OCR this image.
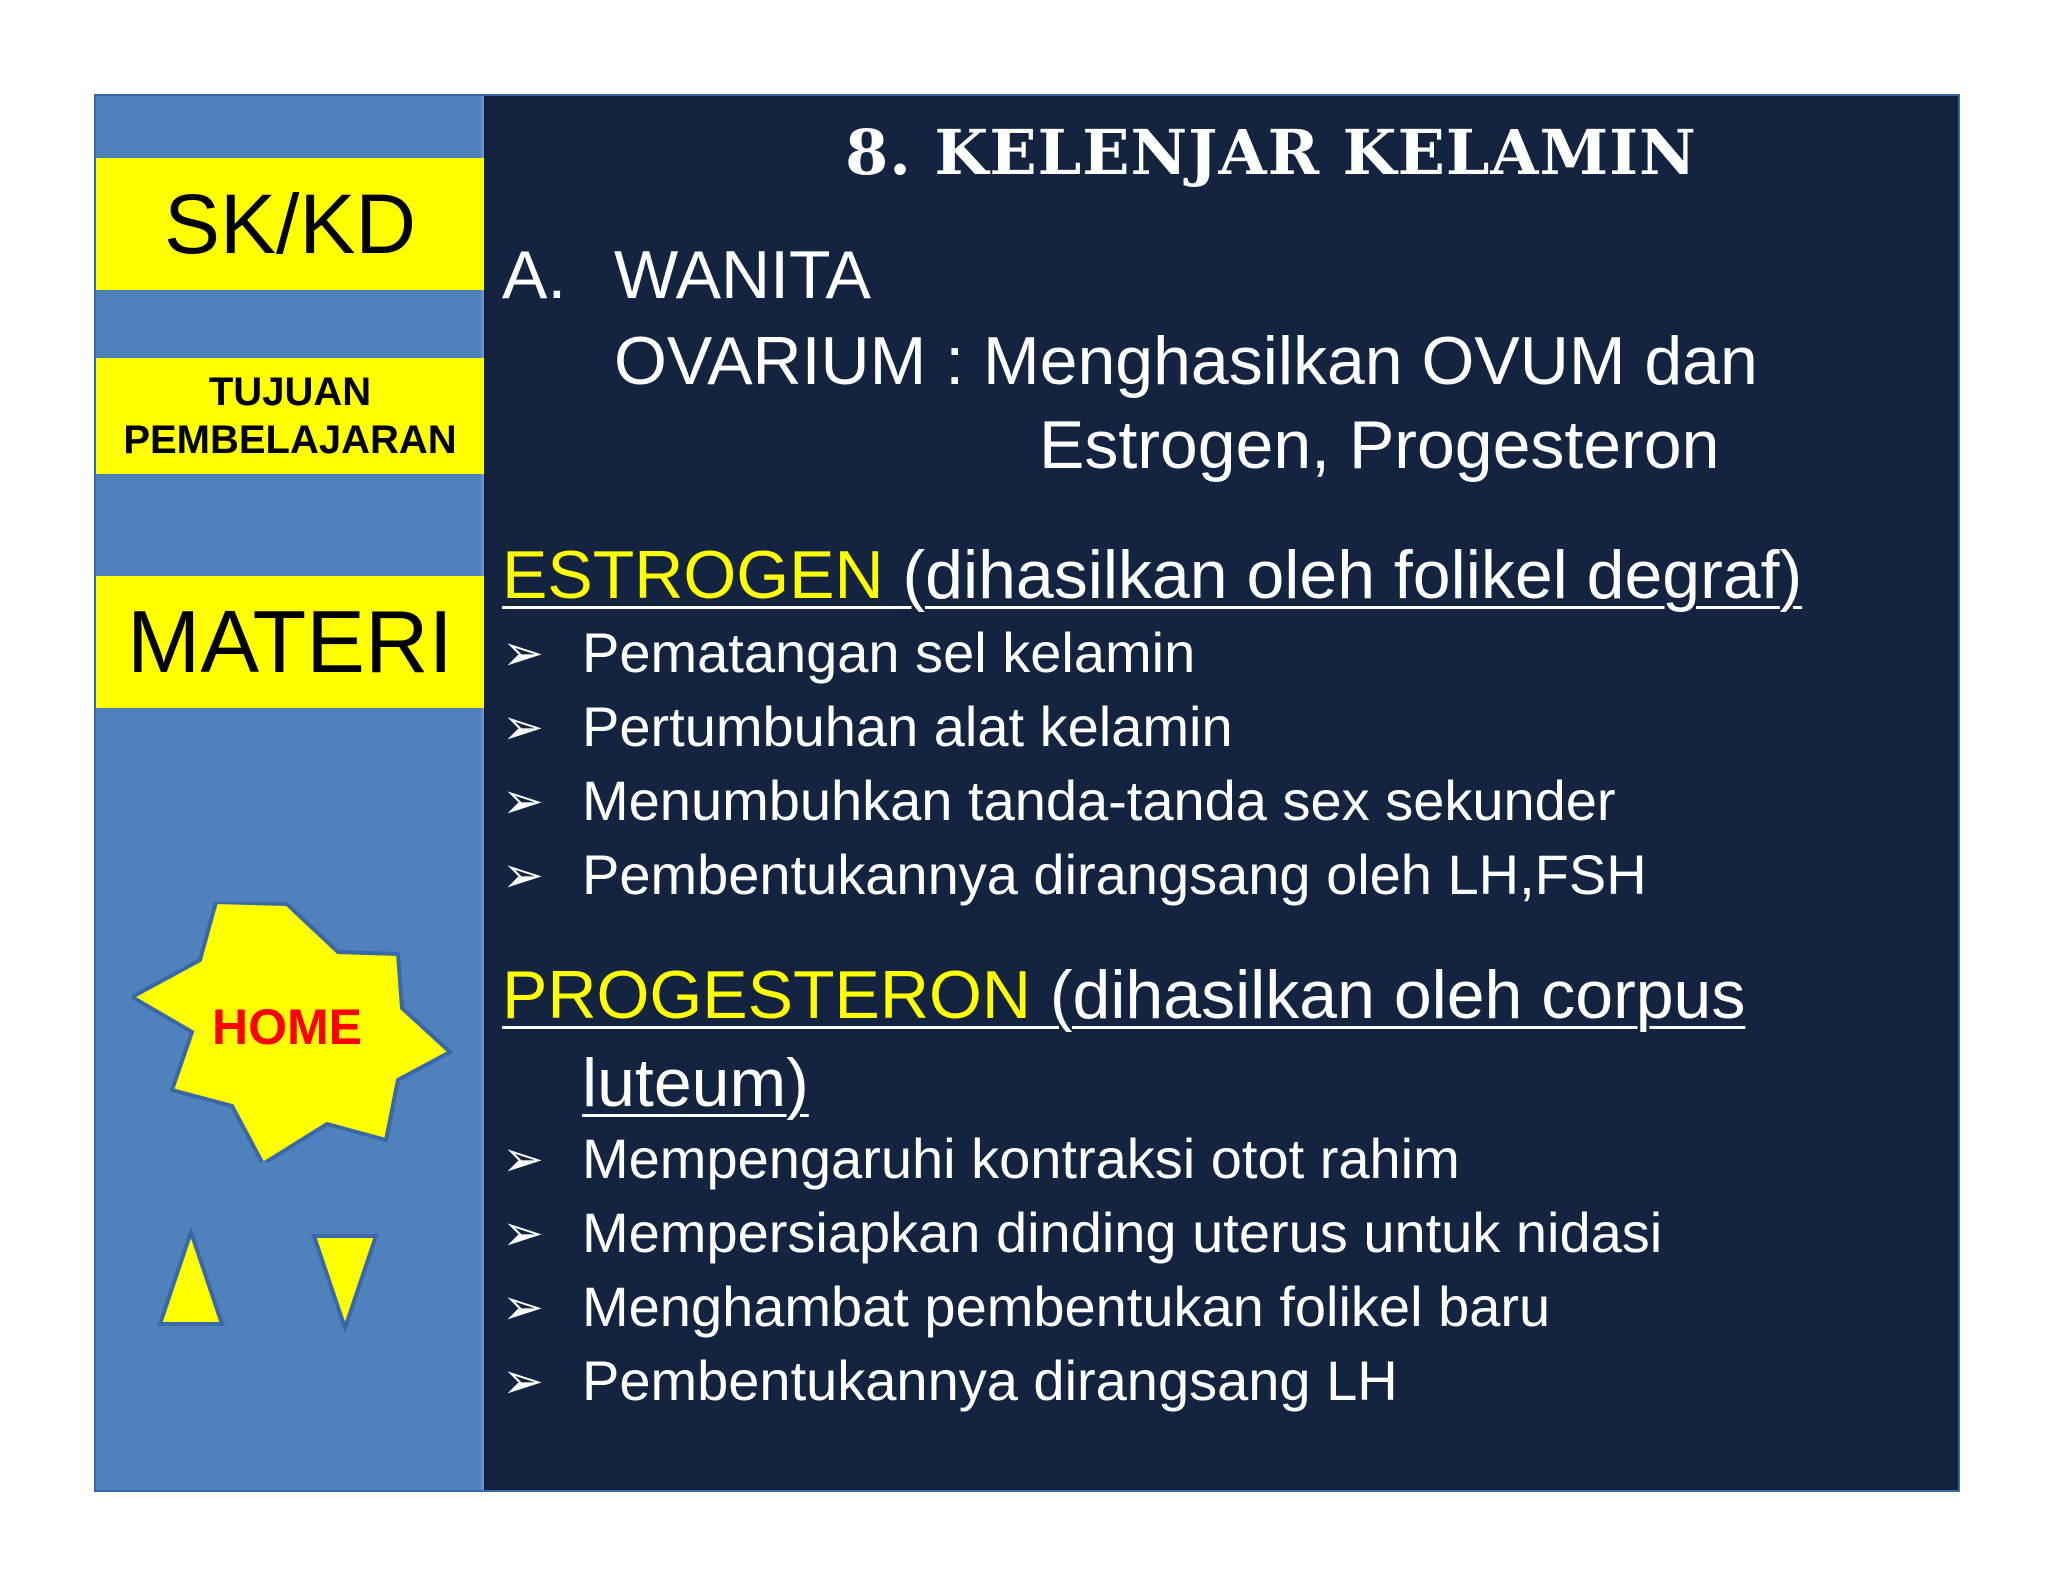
SK/KD
TUJUAN
PEMBELAJARAN
MATERI
HOME
8. KELENJAR KELAMIN
A. WANITA
OVARIUM : Menghasilkan OVUM dan
Estrogen, Progesteron
ESTROGEN (dihasilkan oleh folikel degraf)
➢ Pematangan sel kelamin
➢ Pertumbuhan alat kelamin
➢ Menumbuhkan tanda-tanda sex sekunder
➢ Pembentukannya dirangsang oleh LH,FSH
PROGESTERON (dihasilkan oleh corpus
luteum)
➢ Mempengaruhi kontraksi otot rahim
➢ Mempersiapkan dinding uterus untuk nidasi
➢ Menghambat pembentukan folikel baru
➢ Pembentukannya dirangsang LH
